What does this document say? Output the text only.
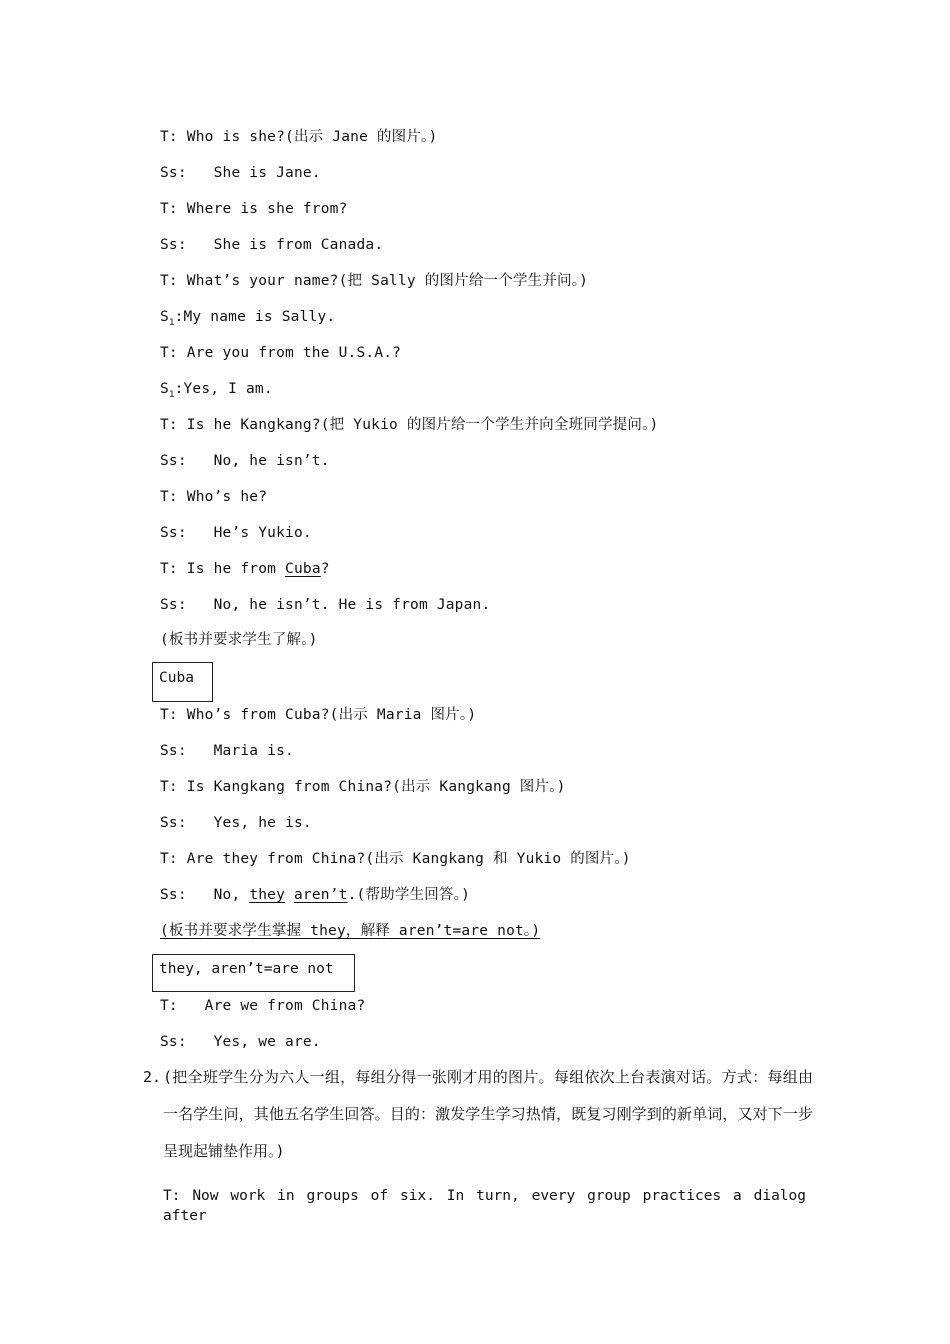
T: Who is she?(出示 Jane 的图片。)
Ss:   She is Jane.
T: Where is she from?
Ss:   She is from Canada.
T: What’s your name?(把 Sally 的图片给一个学生并问。)
$S_1:My$ name is Sally.
T: Are you from the U.S.A.?
$S_1:Yes$, I am.
T: Is he Kangkang?(把 Yukio 的图片给一个学生并向全班同学提问。)
Ss:   No, he isn’t.
T: Who’s he?
Ss:   He’s Yukio.
T: Is he from Cuba?
Ss:   No, he isn’t. He is from Japan.
(板书并要求学生了解。)
Cuba
T: Who’s from Cuba?(出示 Maria 图片。)
Ss:   Maria is.
T: Is Kangkang from China?(出示 Kangkang 图片。)
Ss:   Yes, he is.
T: Are they from China?(出示 Kangkang 和 Yukio 的图片。)
Ss:   No, they aren’t.(帮助学生回答。)
(板书并要求学生掌握 they，解释 aren’t=are not。)
they, aren’t=are not
T:   Are we from China?
Ss:   Yes, we are.
2. (把全班学生分为六人一组，每组分得一张刚才用的图片。每组依次上台表演对话。方式：每组由一名学生问，其他五名学生回答。目的：激发学生学习热情，既复习刚学到的新单词，又对下一步呈现起铺垫作用。)
T: Now work in groups of six. In turn, every group practices a dialog after
